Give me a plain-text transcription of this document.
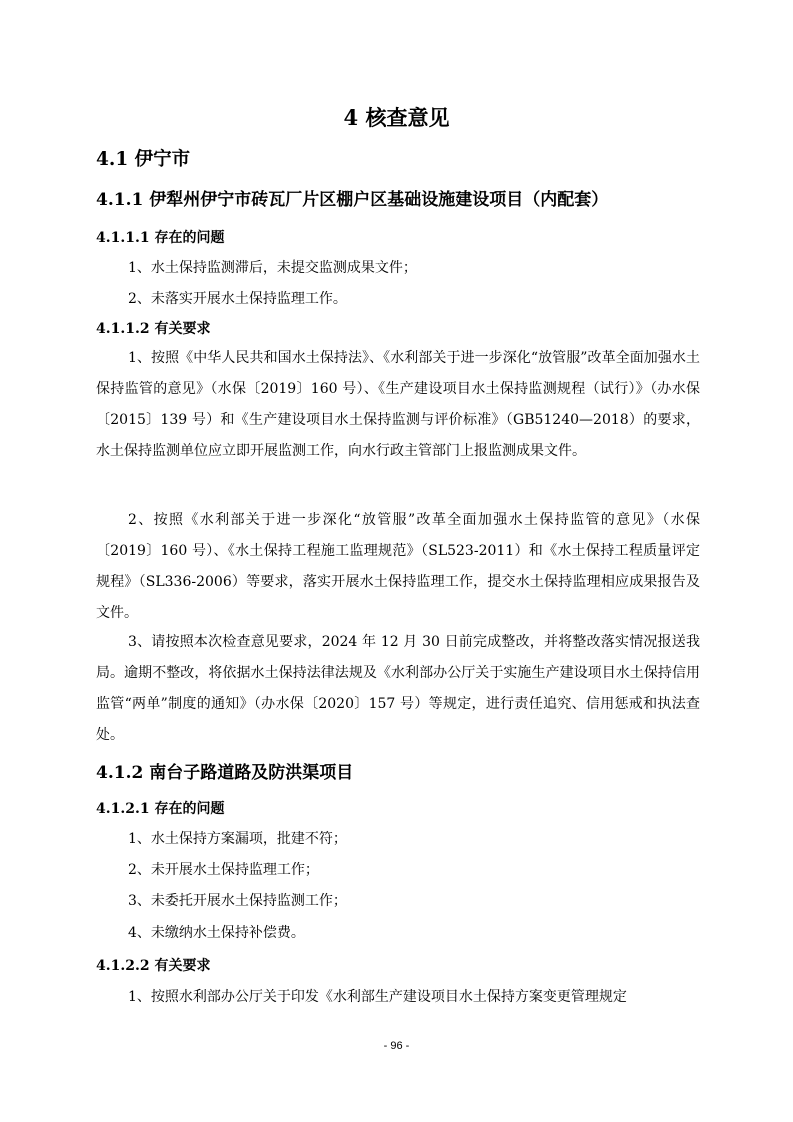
4 核查意见
4.1 伊宁市
4.1.1 伊犁州伊宁市砖瓦厂片区棚户区基础设施建设项目（内配套）
4.1.1.1 存在的问题
1、水土保持监测滞后，未提交监测成果文件；
2、未落实开展水土保持监理工作。
4.1.1.2 有关要求
1、按照《中华人民共和国水土保持法》、《水利部关于进一步深化“放管服”改革全面加强水土保持监管的意见》（水保〔2019〕160 号）、《生产建设项目水土保持监测规程（试行）》（办水保〔2015〕139 号）和《生产建设项目水土保持监测与评价标准》（GB51240—2018）的要求，水土保持监测单位应立即开展监测工作，向水行政主管部门上报监测成果文件。
2、按照《水利部关于进一步深化“放管服”改革全面加强水土保持监管的意见》（水保〔2019〕160 号）、《水土保持工程施工监理规范》（SL523-2011）和《水土保持工程质量评定规程》（SL336-2006）等要求，落实开展水土保持监理工作，提交水土保持监理相应成果报告及文件。
3、请按照本次检查意见要求，2024 年 12 月 30 日前完成整改，并将整改落实情况报送我局。逾期不整改，将依据水土保持法律法规及《水利部办公厅关于实施生产建设项目水土保持信用监管“两单”制度的通知》（办水保〔2020〕157 号）等规定，进行责任追究、信用惩戒和执法查处。
4.1.2 南台子路道路及防洪渠项目
4.1.2.1 存在的问题
1、水土保持方案漏项，批建不符；
2、未开展水土保持监理工作；
3、未委托开展水土保持监测工作；
4、未缴纳水土保持补偿费。
4.1.2.2 有关要求
1、按照水利部办公厅关于印发《水利部生产建设项目水土保持方案变更管理规定
- 96 -
